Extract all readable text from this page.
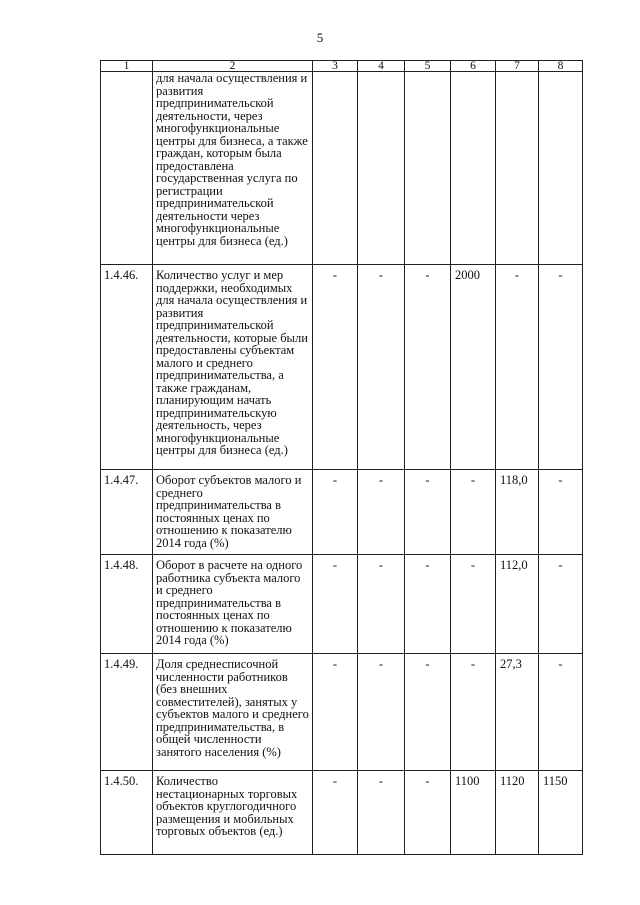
5
1	2	3	4	5	6	7	8
	для начала осуществления и развития предпринимательской деятельности, через многофункциональные центры для бизнеса, а также граждан, которым была предоставлена государственная услуга по регистрации предпринимательской деятельности через многофункциональные центры для бизнеса (ед.)						
1.4.46.	Количество услуг и мер поддержки, необходимых для начала осуществления и развития предпринимательской деятельности, которые были предоставлены субъектам малого и среднего предпринимательства, а также гражданам, планирующим начать предпринимательскую деятельность, через многофункциональные центры для бизнеса (ед.)	-	-	-	2000	-	-
1.4.47.	Оборот субъектов малого и среднего предпринимательства в постоянных ценах по отношению к показателю 2014 года (%)	-	-	-	-	118,0	-
1.4.48.	Оборот в расчете на одного работника субъекта малого и среднего предпринимательства в постоянных ценах по отношению к показателю 2014 года (%)	-	-	-	-	112,0	-
1.4.49.	Доля среднесписочной численности работников (без внешних совместителей), занятых у субъектов малого и среднего предпринимательства, в общей численности занятого населения (%)	-	-	-	-	27,3	-
1.4.50.	Количество нестационарных торговых объектов круглогодичного размещения и мобильных торговых объектов (ед.)	-	-	-	1100	1120	1150
